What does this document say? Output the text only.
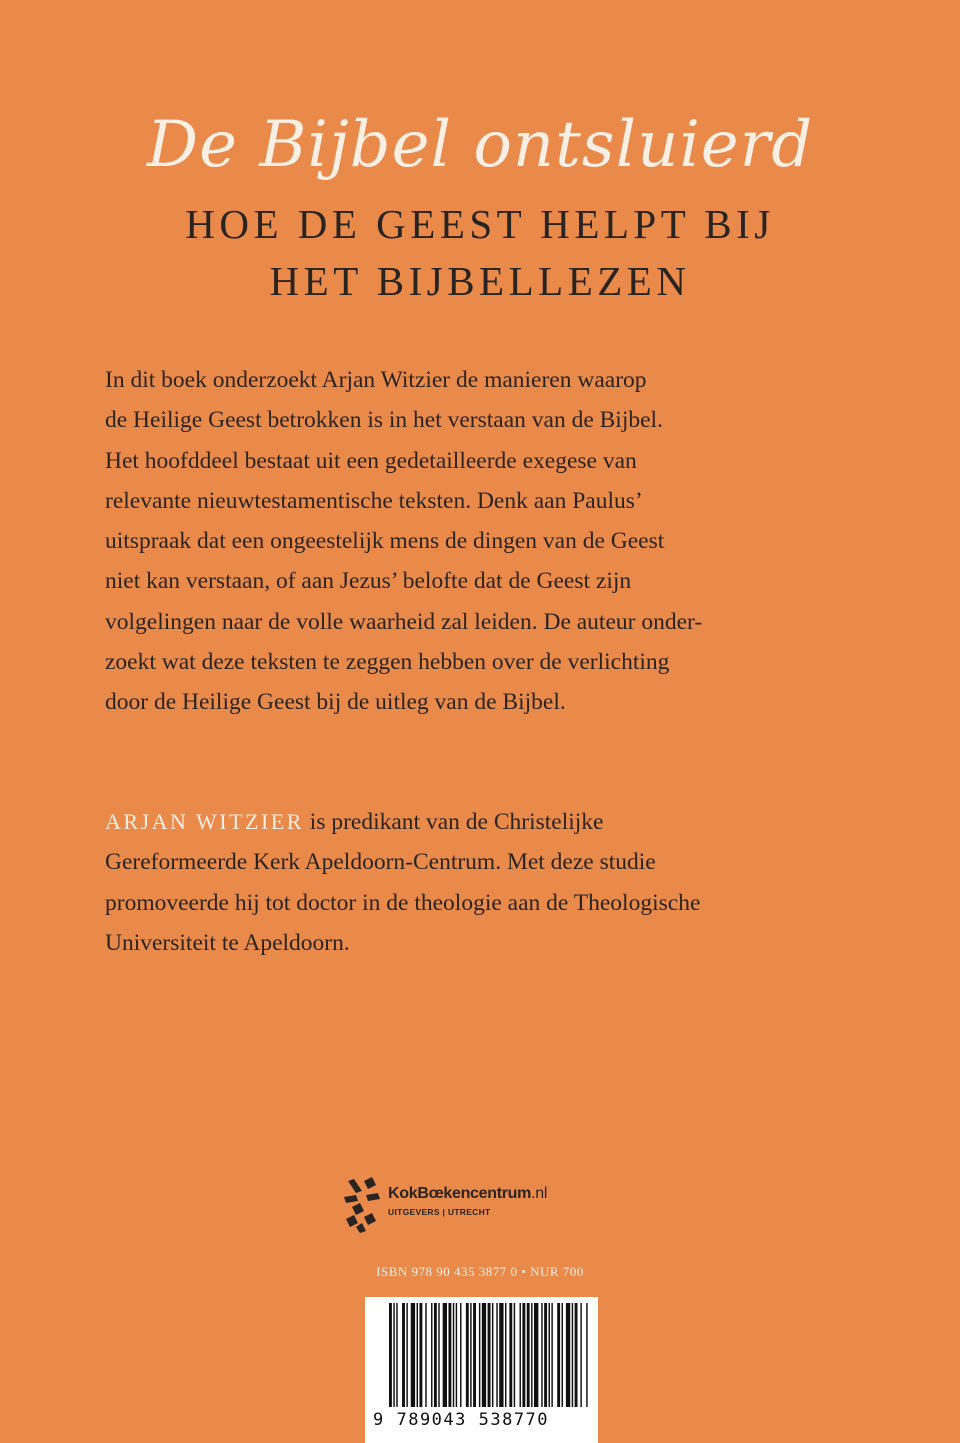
De Bijbel ontsluierd
HOE DE GEEST HELPT BIJ
HET BIJBELLEZEN
In dit boek onderzoekt Arjan Witzier de manieren waarop
de Heilige Geest betrokken is in het verstaan van de Bijbel.
Het hoofddeel bestaat uit een gedetailleerde exegese van
relevante nieuwtestamentische teksten. Denk aan Paulus’
uitspraak dat een ongeestelijk mens de dingen van de Geest
niet kan verstaan, of aan Jezus’ belofte dat de Geest zijn
volgelingen naar de volle waarheid zal leiden. De auteur onder-
zoekt wat deze teksten te zeggen hebben over de verlichting
door de Heilige Geest bij de uitleg van de Bijbel.
ARJAN WITZIER is predikant van de Christelijke
Gereformeerde Kerk Apeldoorn-Centrum. Met deze studie
promoveerde hij tot doctor in de theologie aan de Theologische
Universiteit te Apeldoorn.
KokBœkencentrum.nl
UITGEVERS | UTRECHT
ISBN 978 90 435 3877 0 • NUR 700
9 789043 538770
